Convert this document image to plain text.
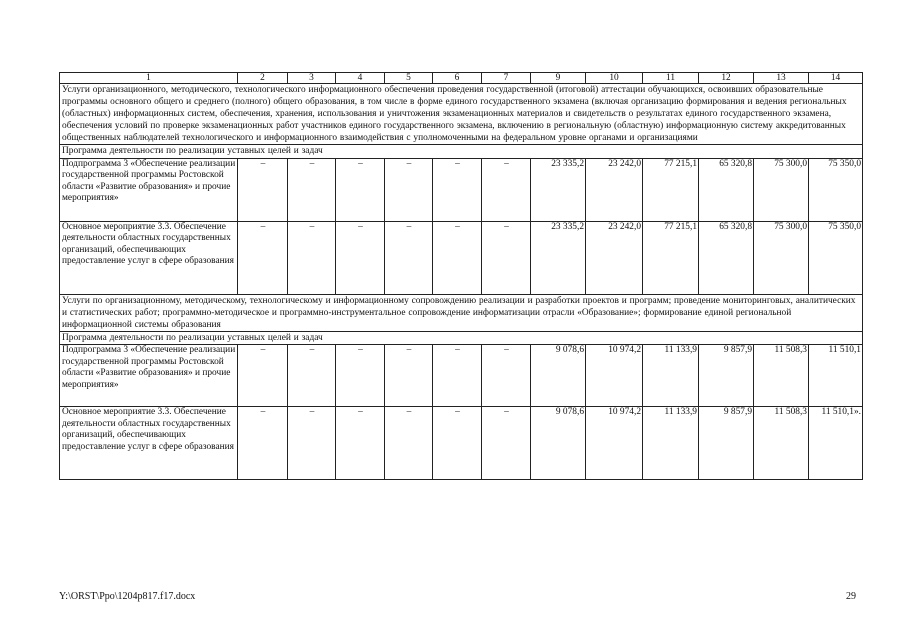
1	2	3	4	5	6	7	9	10	11	12	13	14
Услуги организационного, методического, технологического информационного обеспечения проведения государственной (итоговой) аттестации обучающихся, освоивших образовательные программы основного общего и среднего (полного) общего образования, в том числе в форме единого государственного экзамена (включая организацию формирования и ведения региональных (областных) информационных систем, обеспечения, хранения, использования и уничтожения экзаменационных материалов и свидетельств о результатах единого государственного экзамена, обеспечения условий по проверке экзаменационных работ участников единого государственного экзамена, включению в региональную (областную) информационную систему аккредитованных общественных наблюдателей технологического и информационного взаимодействия с уполномоченными на федеральном уровне органами и организациями												
Программа деятельности по реализации уставных целей и задач												
Подпрограмма 3 «Обеспечение реализации государственной программы Ростовской области «Развитие образования» и прочие мероприятия»	–	–	–	–	–	–	23 335,2	23 242,0	77 215,1	65 320,8	75 300,0	75 350,0
Основное мероприятие 3.3. Обеспечение деятельности областных государственных организаций, обеспечивающих предоставление услуг в сфере образования	–	–	–	–	–	–	23 335,2	23 242,0	77 215,1	65 320,8	75 300,0	75 350,0
Услуги по организационному, методическому, технологическому и информационному сопровождению реализации и разработки проектов и программ; проведение мониторинговых, аналитических и статистических работ; программно-методическое и программно-инструментальное сопровождение информатизации отрасли «Образование»; формирование единой региональной информационной системы образования												
Программа деятельности по реализации уставных целей и задач												
Подпрограмма 3 «Обеспечение реализации государственной программы Ростовской области «Развитие образования» и прочие мероприятия»	–	–	–	–	–	–	9 078,6	10 974,2	11 133,9	9 857,9	11 508,3	11 510,1
Основное мероприятие 3.3. Обеспечение деятельности областных государственных организаций, обеспечивающих предоставление услуг в сфере образования	–	–	–	–	–	–	9 078,6	10 974,2	11 133,9	9 857,9	11 508,3	11 510,1».
Y:\ORST\Ppo\1204p817.f17.docx	29
